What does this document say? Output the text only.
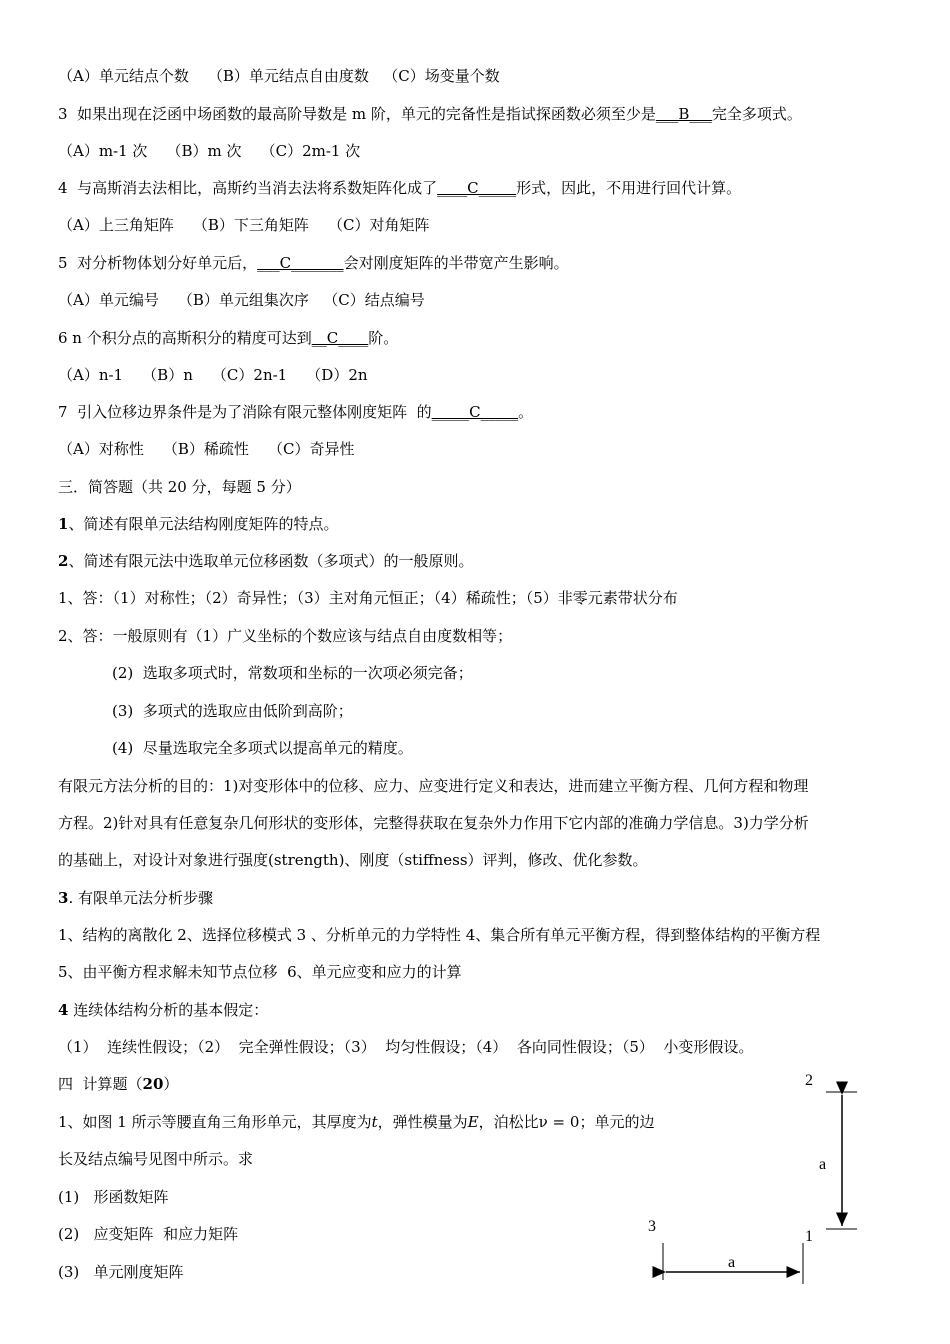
（A）单元结点个数    （B）单元结点自由度数   （C）场变量个数
3  如果出现在泛函中场函数的最高阶导数是 m 阶，单元的完备性是指试探函数必须至少是___B___完全多项式。
（A）m-1 次    （B）m 次    （C）2m-1 次
4  与高斯消去法相比，高斯约当消去法将系数矩阵化成了____C_____形式，因此，不用进行回代计算。
（A）上三角矩阵    （B）下三角矩阵    （C）对角矩阵
5  对分析物体划分好单元后，___C_______会对刚度矩阵的半带宽产生影响。
（A）单元编号    （B）单元组集次序   （C）结点编号
6 n 个积分点的高斯积分的精度可达到__C____阶。
（A）n-1    （B）n    （C）2n-1    （D）2n
7  引入位移边界条件是为了消除有限元整体刚度矩阵  的_____C_____。
（A）对称性    （B）稀疏性    （C）奇异性
三．简答题（共 20 分，每题 5 分）
1、简述有限单元法结构刚度矩阵的特点。
2、简述有限元法中选取单元位移函数（多项式）的一般原则。
1、答：（1）对称性；（2）奇异性；（3）主对角元恒正；（4）稀疏性；（5）非零元素带状分布
2、答：一般原则有（1）广义坐标的个数应该与结点自由度数相等；
(2)  选取多项式时，常数项和坐标的一次项必须完备；
(3)  多项式的选取应由低阶到高阶；
(4)  尽量选取完全多项式以提高单元的精度。
有限元方法分析的目的：1)对变形体中的位移、应力、应变进行定义和表达，进而建立平衡方程、几何方程和物理
方程。2)针对具有任意复杂几何形状的变形体，完整得获取在复杂外力作用下它内部的准确力学信息。3)力学分析
的基础上，对设计对象进行强度(strength)、刚度（stiffness）评判，修改、优化参数。
3. 有限单元法分析步骤
1、结构的离散化 2、选择位移模式 3 、分析单元的力学特性 4、集合所有单元平衡方程，得到整体结构的平衡方程
5、由平衡方程求解未知节点位移  6、单元应变和应力的计算
4 连续体结构分析的基本假定：
（1）  连续性假设；（2）  完全弹性假设；（3）  均匀性假设；（4）  各向同性假设；（5）  小变形假设。
四  计算题（20）
1、如图 1 所示等腰直角三角形单元，其厚度为t，弹性模量为E，泊松比ν = 0；单元的边
长及结点编号见图中所示。求
(1)   形函数矩阵
(2)   应变矩阵  和应力矩阵
(3)   单元刚度矩阵
2
a
3
1
a
